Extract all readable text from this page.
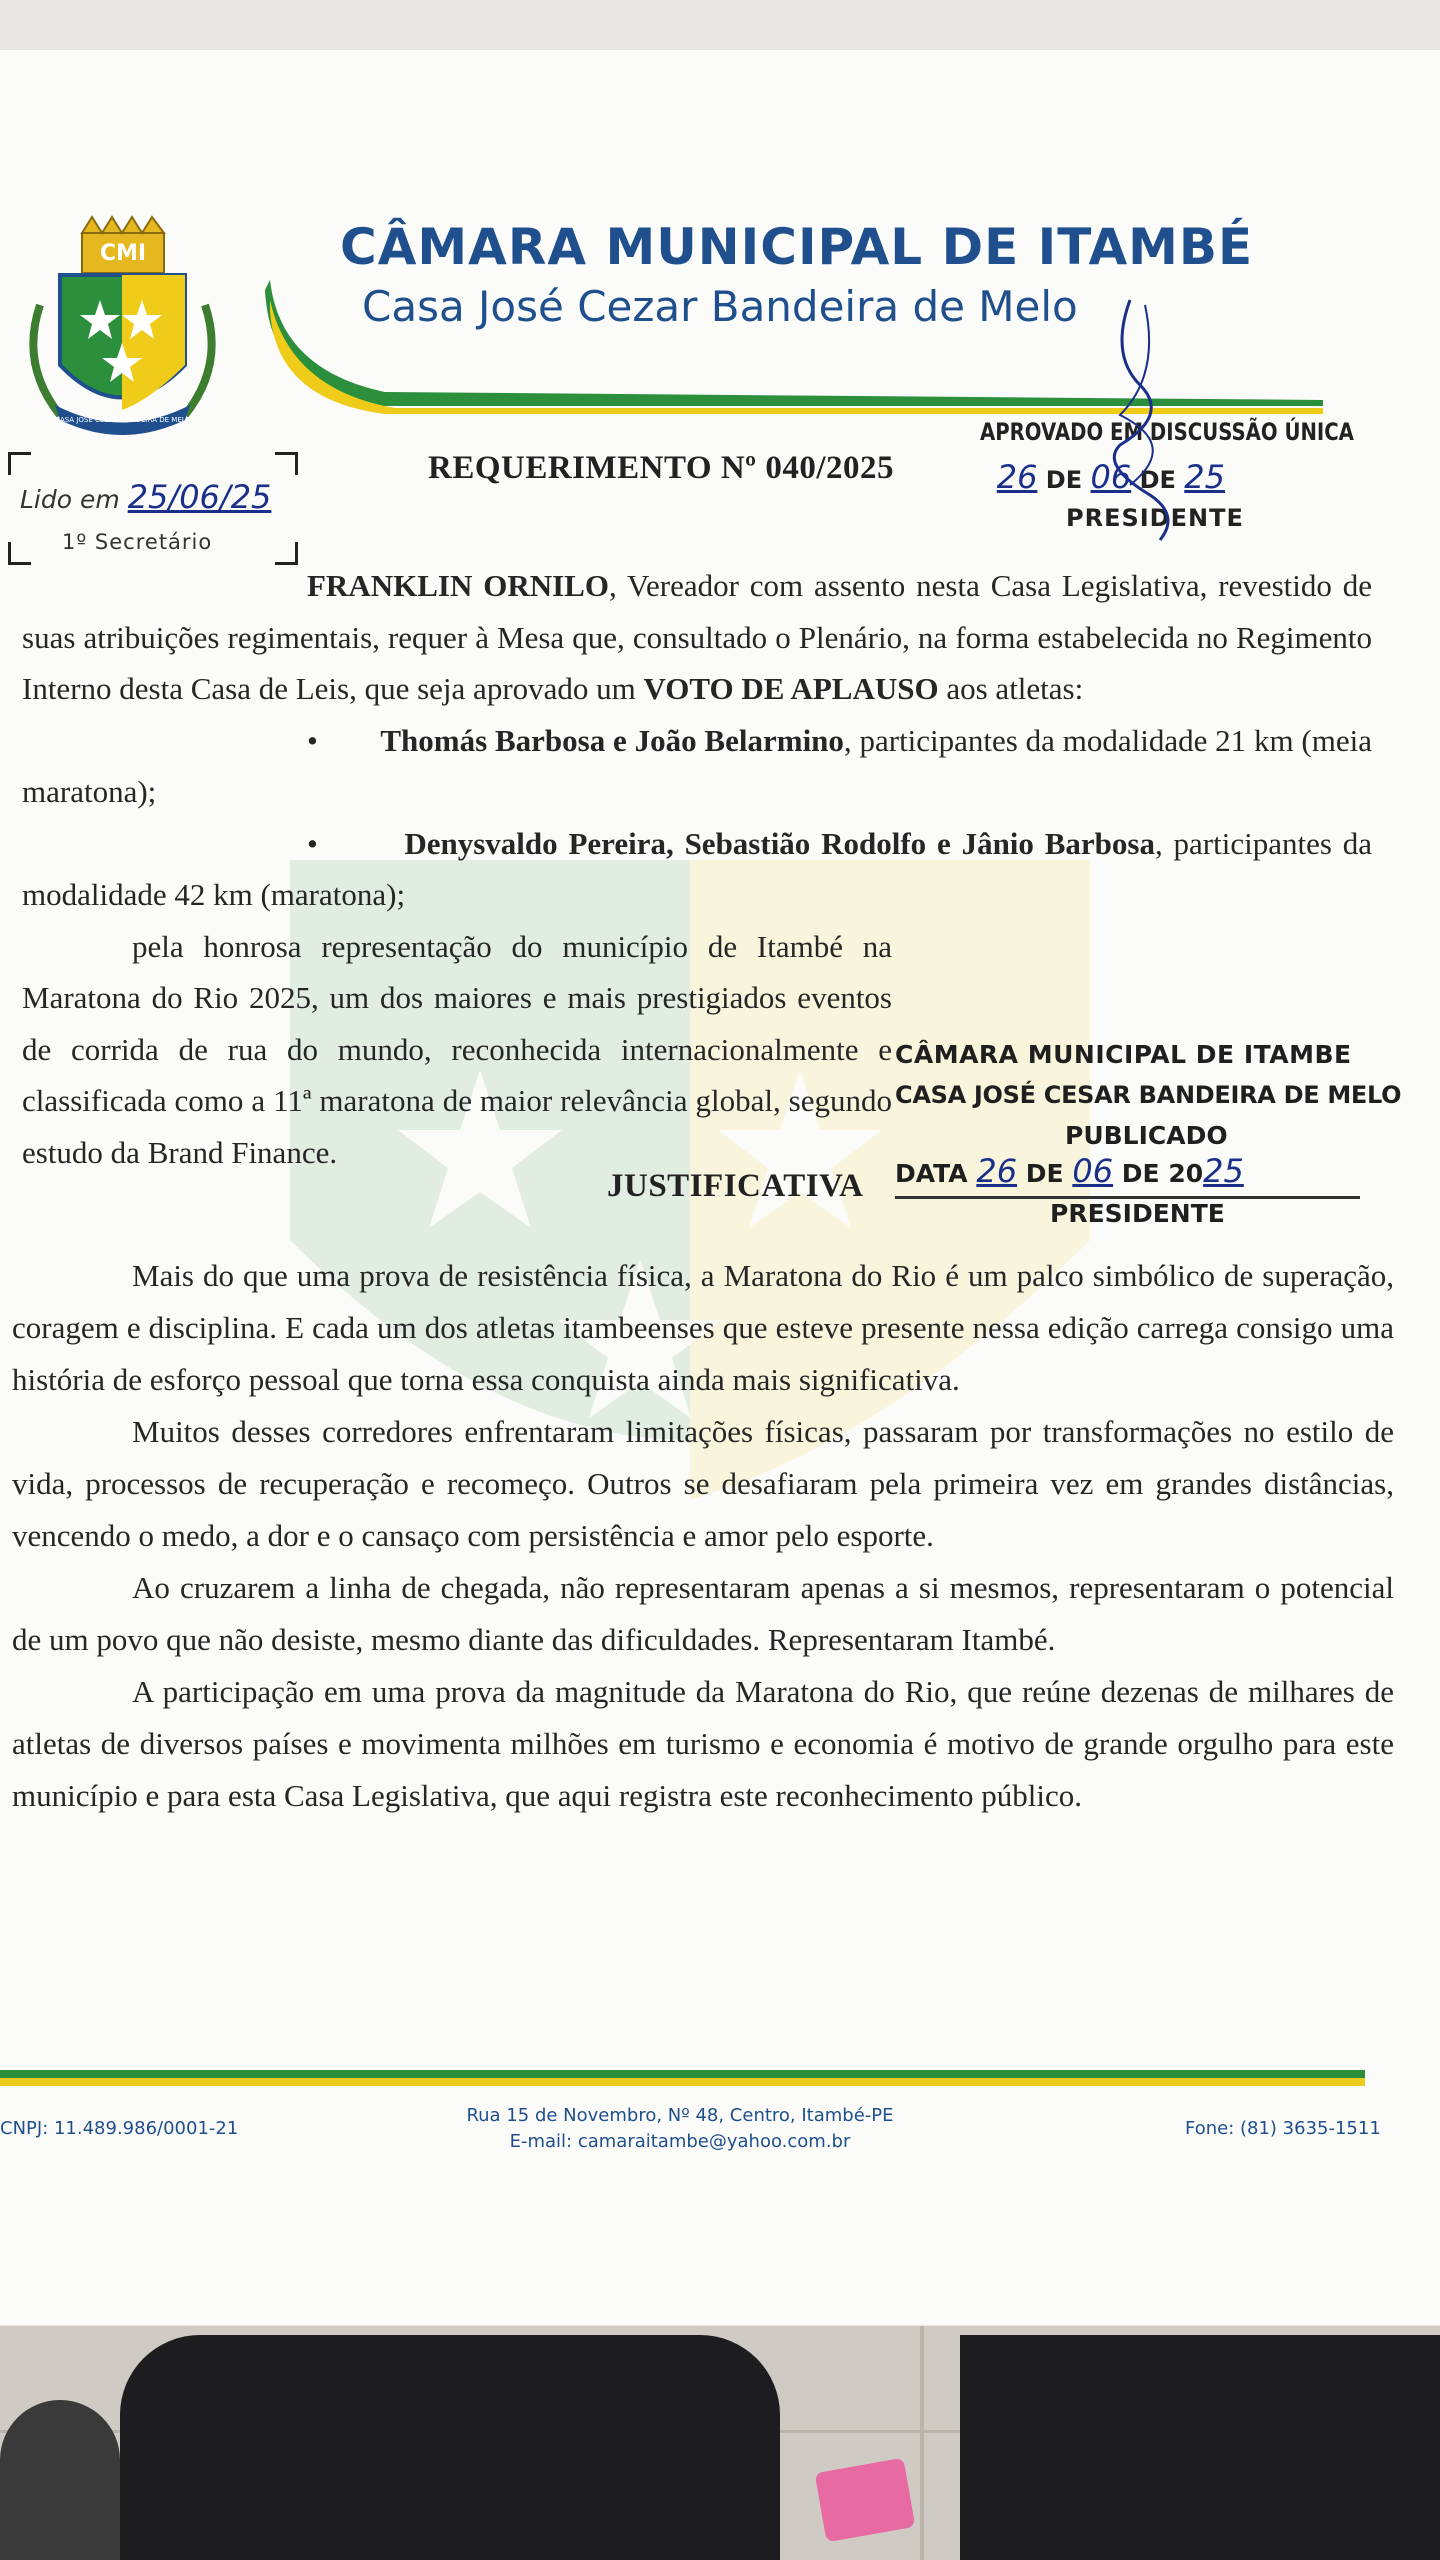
CMI
CASA JOSÉ CEZAR BANDEIRA DE MELO
CÂMARA MUNICIPAL DE ITAMBÉ
Casa José Cezar Bandeira de Melo
Lido em 25/06/25
1º Secretário
REQUERIMENTO Nº 040/2025
APROVADO EM DISCUSSÃO ÚNICA
26 DE 06 DE 25
PRESIDENTE

FRANKLIN ORNILO, Vereador com assento nesta Casa Legislativa, revestido de suas atribuições regimentais, requer à Mesa que, consultado o Plenário, na forma estabelecida no Regimento Interno desta Casa de Leis, que seja aprovado um VOTO DE APLAUSO aos atletas:

•        Thomás Barbosa e João Belarmino, participantes da modalidade 21 km (meia maratona);

•        Denysvaldo Pereira, Sebastião Rodolfo e Jânio Barbosa, participantes da modalidade 42 km (maratona);

pela honrosa representação do município de Itambé na Maratona do Rio 2025, um dos maiores e mais prestigiados eventos de corrida de rua do mundo, reconhecida internacionalmente e classificada como a 11ª maratona de maior relevância global, segundo estudo da Brand Finance.

CÂMARA MUNICIPAL DE ITAMBE
CASA JOSÉ CESAR BANDEIRA DE MELO
PUBLICADO
DATA 26 DE 06 DE 2025
PRESIDENTE
JUSTIFICATIVA

Mais do que uma prova de resistência física, a Maratona do Rio é um palco simbólico de superação, coragem e disciplina. E cada um dos atletas itambeenses que esteve presente nessa edição carrega consigo uma história de esforço pessoal que torna essa conquista ainda mais significativa.

Muitos desses corredores enfrentaram limitações físicas, passaram por transformações no estilo de vida, processos de recuperação e recomeço. Outros se desafiaram pela primeira vez em grandes distâncias, vencendo o medo, a dor e o cansaço com persistência e amor pelo esporte.

Ao cruzarem a linha de chegada, não representaram apenas a si mesmos, representaram o potencial de um povo que não desiste, mesmo diante das dificuldades. Representaram Itambé.

A participação em uma prova da magnitude da Maratona do Rio, que reúne dezenas de milhares de atletas de diversos países e movimenta milhões em turismo e economia é motivo de grande orgulho para este município e para esta Casa Legislativa, que aqui registra este reconhecimento público.

CNPJ: 11.489.986/0001-21
Rua 15 de Novembro, Nº 48, Centro, Itambé-PE
E-mail: camaraitambe@yahoo.com.br
Fone: (81) 3635-1511
